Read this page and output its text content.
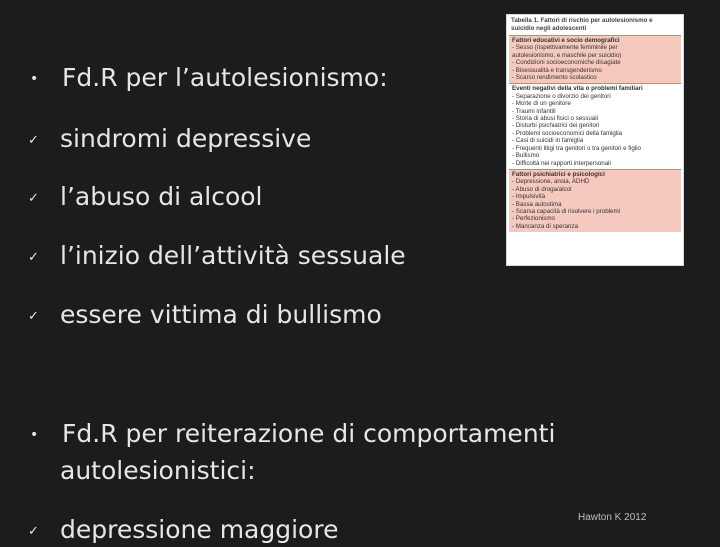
• Fd.R per l’autolesionismo:
✓ sindromi depressive
✓ l’abuso di alcool
✓ l’inizio dell’attività sessuale
✓ essere vittima di bullismo
• Fd.R per reiterazione di comportamenti
autolesionistici:
✓ depressione maggiore
Tabella 1. Fattori di rischio per autolesionismo e
suicidio negli adolescenti
Fattori educativi e socio demografici
- Sesso (rispettivamente femminile per
autolesionismo, e maschile per suicidio)
- Condizioni socioeconomiche disagiate
- Bisessualità e transgenderismo
- Scarso rendimento scolastico
Eventi negativi della vita o problemi familiari
- Separazione o divorzio dei genitori
- Morte di un genitore
- Traumi infantili
- Storia di abusi fisici o sessuali
- Disturbi psichiatrici dei genitori
- Problemi socioeconomici della famiglia
- Casi di suicidi in famiglia
- Frequenti litigi tra genitori o tra genitori e figlio
- Bullismo
- Difficoltà nei rapporti interpersonali
Fattori psichiatrici e psicologici
- Depressione, ansia, ADHD
- Abuso di droga/alcol
- Impulsività
- Bassa autostima
- Scarsa capacità di risolvere i problemi
- Perfezionismo
- Mancanza di speranza
Hawton K 2012
